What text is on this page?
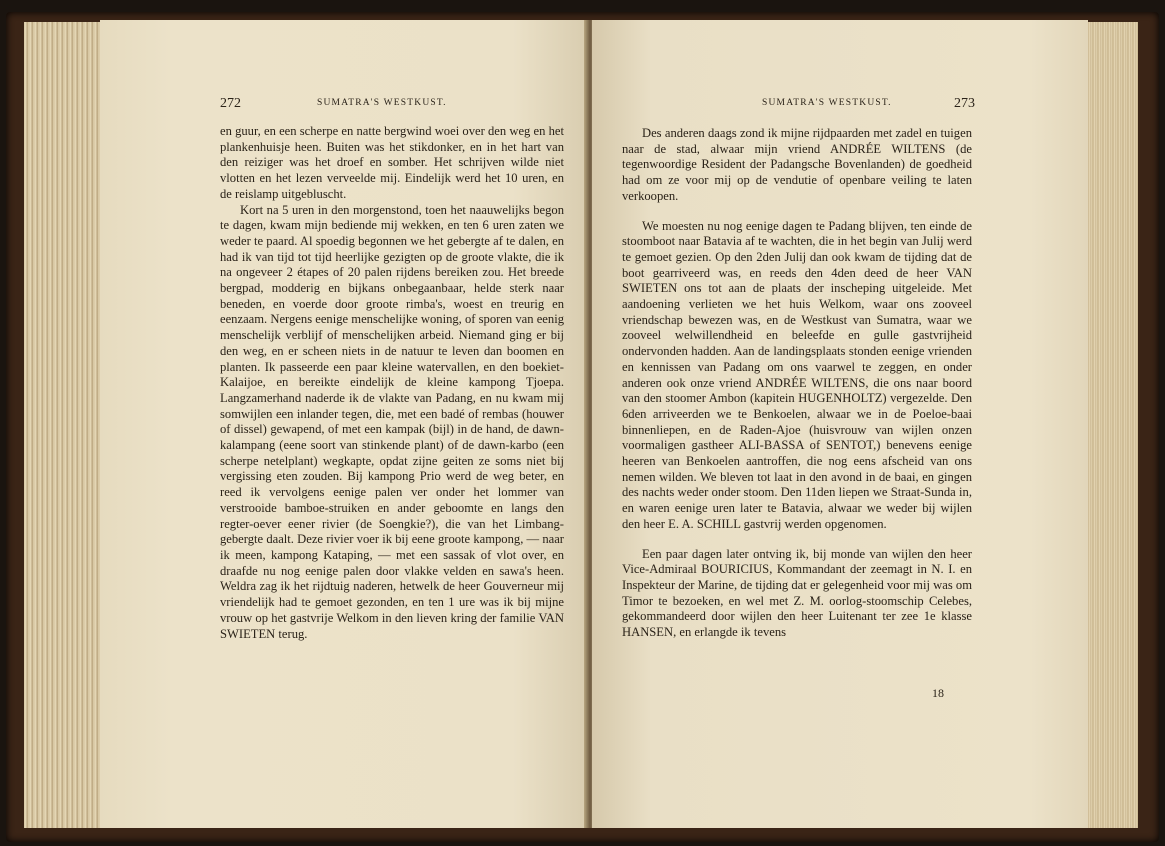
272	SUMATRA'S WESTKUST.

en guur, en een scherpe en natte bergwind woei over den weg en het plankenhuisje heen. Buiten was het stikdonker, en in het hart van den reiziger was het droef en somber. Het schrijven wilde niet vlotten en het lezen verveelde mij. Eindelijk werd het 10 uren, en de reislamp uitgebluscht.

Kort na 5 uren in den morgenstond, toen het naauwelijks begon te dagen, kwam mijn bediende mij wekken, en ten 6 uren zaten we weder te paard. Al spoedig begonnen we het gebergte af te dalen, en had ik van tijd tot tijd heerlijke gezigten op de groote vlakte, die ik na ongeveer 2 étapes of 20 palen rijdens bereiken zou. Het breede bergpad, modderig en bijkans onbegaanbaar, helde sterk naar beneden, en voerde door groote rimba's, woest en treurig en eenzaam. Nergens eenige menschelijke woning, of sporen van eenig menschelijk verblijf of menschelijken arbeid. Niemand ging er bij den weg, en er scheen niets in de natuur te leven dan boomen en planten. Ik passeerde een paar kleine watervallen, en den boekiet-Kalaijoe, en bereikte eindelijk de kleine kampong Tjoepa. Langzamerhand naderde ik de vlakte van Padang, en nu kwam mij somwijlen een inlander tegen, die, met een badé of rembas (houwer of dissel) gewapend, of met een kampak (bijl) in de hand, de dawn-kalampang (eene soort van stinkende plant) of de dawn-karbo (een scherpe netelplant) wegkapte, opdat zijne geiten ze soms niet bij vergissing eten zouden. Bij kampong Prio werd de weg beter, en reed ik vervolgens eenige palen ver onder het lommer van verstrooide bamboe-struiken en ander geboomte en langs den regter-oever eener rivier (de Soengkie?), die van het Limbang-gebergte daalt. Deze rivier voer ik bij eene groote kampong, — naar ik meen, kampong Kataping, — met een sassak of vlot over, en draafde nu nog eenige palen door vlakke velden en sawa's heen. Weldra zag ik het rijdtuig naderen, hetwelk de heer Gouverneur mij vriendelijk had te gemoet gezonden, en ten 1 ure was ik bij mijne vrouw op het gastvrije Welkom in den lieven kring der familie VAN SWIETEN terug.

SUMATRA'S WESTKUST.	273

Des anderen daags zond ik mijne rijdpaarden met zadel en tuigen naar de stad, alwaar mijn vriend ANDRÉE WILTENS (de tegenwoordige Resident der Padangsche Bovenlanden) de goedheid had om ze voor mij op de vendutie of openbare veiling te laten verkoopen.

We moesten nu nog eenige dagen te Padang blijven, ten einde de stoomboot naar Batavia af te wachten, die in het begin van Julij werd te gemoet gezien. Op den 2den Julij dan ook kwam de tijding dat de boot gearriveerd was, en reeds den 4den deed de heer VAN SWIETEN ons tot aan de plaats der inscheping uitgeleide. Met aandoening verlieten we het huis Welkom, waar ons zooveel vriendschap bewezen was, en de Westkust van Sumatra, waar we zooveel welwillendheid en beleefde en gulle gastvrijheid ondervonden hadden. Aan de landingsplaats stonden eenige vrienden en kennissen van Padang om ons vaarwel te zeggen, en onder anderen ook onze vriend ANDRÉE WILTENS, die ons naar boord van den stoomer Ambon (kapitein HUGENHOLTZ) vergezelde. Den 6den arriveerden we te Benkoelen, alwaar we in de Poeloe-baai binnenliepen, en de Raden-Ajoe (huisvrouw van wijlen onzen voormaligen gastheer ALI-BASSA of SENTOT,) benevens eenige heeren van Benkoelen aantroffen, die nog eens afscheid van ons nemen wilden. We bleven tot laat in den avond in de baai, en gingen des nachts weder onder stoom. Den 11den liepen we Straat-Sunda in, en waren eenige uren later te Batavia, alwaar we weder bij wijlen den heer E. A. SCHILL gastvrij werden opgenomen.

Een paar dagen later ontving ik, bij monde van wijlen den heer Vice-Admiraal BOURICIUS, Kommandant der zeemagt in N. I. en Inspekteur der Marine, de tijding dat er gelegenheid voor mij was om Timor te bezoeken, en wel met Z. M. oorlog-stoomschip Celebes, gekommandeerd door wijlen den heer Luitenant ter zee 1e klasse HANSEN, en erlangde ik tevens

18
